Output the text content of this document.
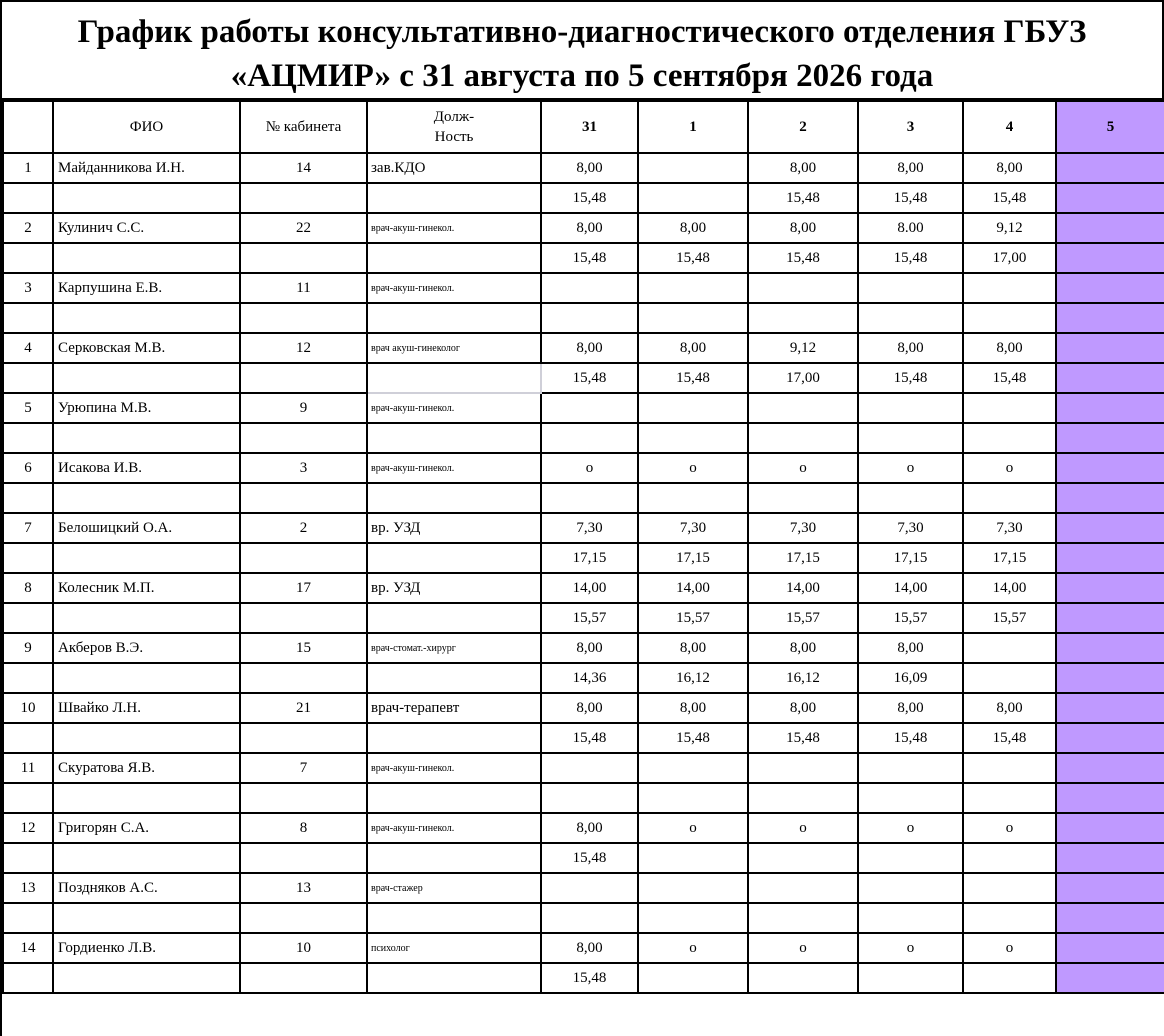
График работы консультативно-диагностического отделения ГБУЗ
«АЦМИР» с 31 августа по 5 сентября 2026 года
	ФИО	№ кабинета	Долж-
Ность	31	1	2	3	4	5
1	Майданникова И.Н.	14	зав.КДО	8,00		8,00	8,00	8,00	
				15,48		15,48	15,48	15,48	
2	Кулинич С.С.	22	врач-акуш-гинекол.	8,00	8,00	8,00	8.00	9,12	
				15,48	15,48	15,48	15,48	17,00	
3	Карпушина Е.В.	11	врач-акуш-гинекол.						

4	Серковская М.В.	12	врач акуш-гинеколог	8,00	8,00	9,12	8,00	8,00	
				15,48	15,48	17,00	15,48	15,48	
5	Урюпина М.В.	9	врач-акуш-гинекол.						

6	Исакова И.В.	3	врач-акуш-гинекол.	о	о	о	о	о	

7	Белошицкий О.А.	2	вр. УЗД	7,30	7,30	7,30	7,30	7,30	
				17,15	17,15	17,15	17,15	17,15	
8	Колесник М.П.	17	вр. УЗД	14,00	14,00	14,00	14,00	14,00	
				15,57	15,57	15,57	15,57	15,57	
9	Акберов В.Э.	15	врач-стомат.-хирург	8,00	8,00	8,00	8,00		
				14,36	16,12	16,12	16,09		
10	Швайко Л.Н.	21	врач-терапевт	8,00	8,00	8,00	8,00	8,00	
				15,48	15,48	15,48	15,48	15,48	
11	Скуратова Я.В.	7	врач-акуш-гинекол.						

12	Григорян С.А.	8	врач-акуш-гинекол.	8,00	о	о	о	о	
				15,48					
13	Поздняков А.С.	13	врач-стажер						

14	Гордиенко Л.В.	10	психолог	8,00	о	о	о	о	
				15,48					
